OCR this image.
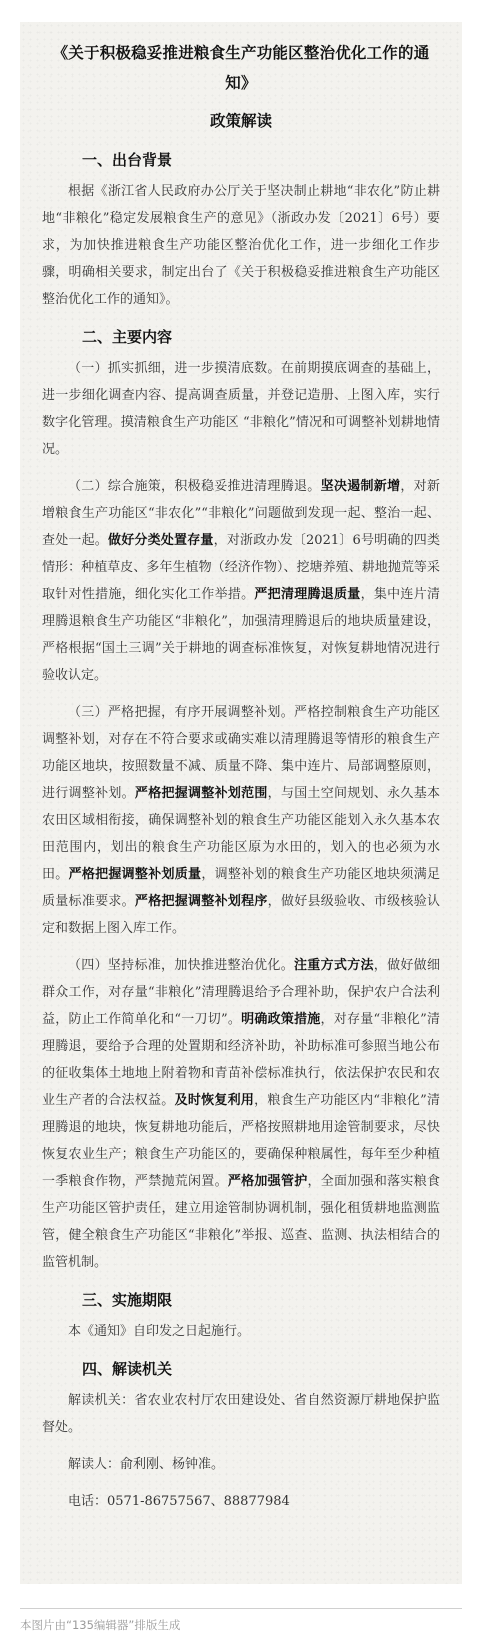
《关于积极稳妥推进粮食生产功能区整治优化工作的通知》
政策解读
一、出台背景

根据《浙江省人民政府办公厅关于坚决制止耕地“非农化”防止耕地“非粮化”稳定发展粮食生产的意见》（浙政办发〔2021〕6号）要求，为加快推进粮食生产功能区整治优化工作，进一步细化工作步骤，明确相关要求，制定出台了《关于积极稳妥推进粮食生产功能区整治优化工作的通知》。

二、主要内容

（一）抓实抓细，进一步摸清底数。在前期摸底调查的基础上，进一步细化调查内容、提高调查质量，并登记造册、上图入库，实行数字化管理。摸清粮食生产功能区 “非粮化”情况和可调整补划耕地情况。

（二）综合施策，积极稳妥推进清理腾退。坚决遏制新增，对新增粮食生产功能区“非农化”“非粮化”问题做到发现一起、整治一起、查处一起。做好分类处置存量，对浙政办发〔2021〕6号明确的四类情形：种植草皮、多年生植物（经济作物）、挖塘养殖、耕地抛荒等采取针对性措施，细化实化工作举措。严把清理腾退质量，集中连片清理腾退粮食生产功能区“非粮化”，加强清理腾退后的地块质量建设，严格根据“国土三调”关于耕地的调查标准恢复，对恢复耕地情况进行验收认定。

（三）严格把握，有序开展调整补划。严格控制粮食生产功能区调整补划，对存在不符合要求或确实难以清理腾退等情形的粮食生产功能区地块，按照数量不减、质量不降、集中连片、局部调整原则，进行调整补划。严格把握调整补划范围，与国土空间规划、永久基本农田区域相衔接，确保调整补划的粮食生产功能区能划入永久基本农田范围内，划出的粮食生产功能区原为水田的，划入的也必须为水田。严格把握调整补划质量，调整补划的粮食生产功能区地块须满足质量标准要求。严格把握调整补划程序，做好县级验收、市级核验认定和数据上图入库工作。

（四）坚持标准，加快推进整治优化。注重方式方法，做好做细群众工作，对存量“非粮化”清理腾退给予合理补助，保护农户合法利益，防止工作简单化和“一刀切”。明确政策措施，对存量“非粮化”清理腾退，要给予合理的处置期和经济补助，补助标准可参照当地公布的征收集体土地地上附着物和青苗补偿标准执行，依法保护农民和农业生产者的合法权益。及时恢复利用，粮食生产功能区内“非粮化”清理腾退的地块，恢复耕地功能后，严格按照耕地用途管制要求，尽快恢复农业生产；粮食生产功能区的，要确保种粮属性，每年至少种植一季粮食作物，严禁抛荒闲置。严格加强管护，全面加强和落实粮食生产功能区管护责任，建立用途管制协调机制，强化租赁耕地监测监管，健全粮食生产功能区“非粮化”举报、巡查、监测、执法相结合的监管机制。

三、实施期限

本《通知》自印发之日起施行。

四、解读机关

解读机关：省农业农村厅农田建设处、省自然资源厅耕地保护监督处。

解读人：俞利刚、杨钟准。

电话：0571-86757567、88877984

本图片由“135编辑器”排版生成
